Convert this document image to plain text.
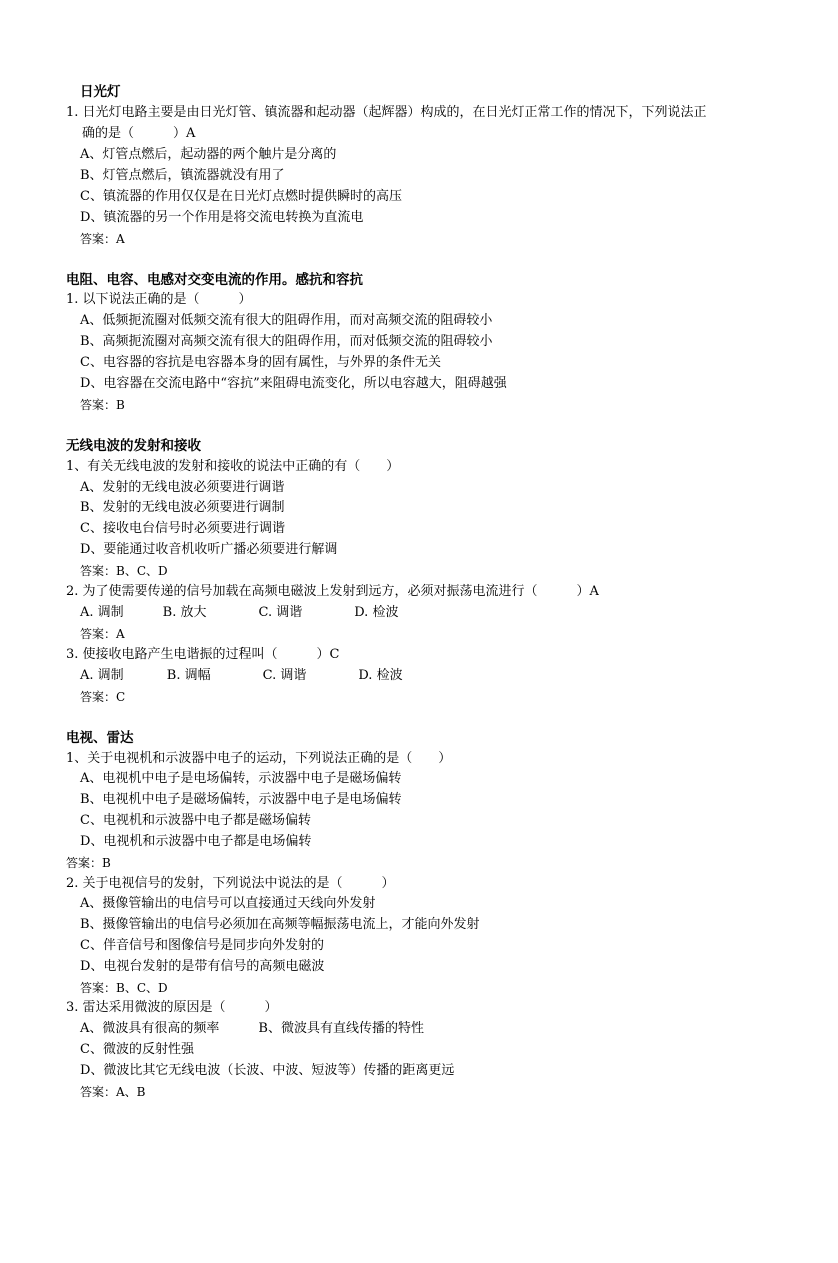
日光灯
1. 日光灯电路主要是由日光灯管、镇流器和起动器（起辉器）构成的，在日光灯正常工作的情况下，下列说法正
确的是（　　　）A
A、灯管点燃后，起动器的两个触片是分离的
B、灯管点燃后，镇流器就没有用了
C、镇流器的作用仅仅是在日光灯点燃时提供瞬时的高压
D、镇流器的另一个作用是将交流电转换为直流电
答案：A
电阻、电容、电感对交变电流的作用。感抗和容抗
1. 以下说法正确的是（　　　）
A、低频扼流圈对低频交流有很大的阻碍作用，而对高频交流的阻碍较小
B、高频扼流圈对高频交流有很大的阻碍作用，而对低频交流的阻碍较小
C、电容器的容抗是电容器本身的固有属性，与外界的条件无关
D、电容器在交流电路中“容抗”来阻碍电流变化，所以电容越大，阻碍越强
答案：B
无线电波的发射和接收
1、有关无线电波的发射和接收的说法中正确的有（　　）
A、发射的无线电波必须要进行调谐
B、发射的无线电波必须要进行调制
C、接收电台信号时必须要进行调谐
D、要能通过收音机收听广播必须要进行解调
答案：B、C、D
2. 为了使需要传递的信号加载在高频电磁波上发射到远方，必须对振荡电流进行（　　　）A
A. 调制　　　B. 放大　　　　C. 调谐　　　　D. 检波
答案：A
3. 使接收电路产生电谐振的过程叫（　　　）C
A. 调制　　　 B. 调幅　　　　C. 调谐　　　　D. 检波
答案：C
电视、雷达
1、关于电视机和示波器中电子的运动，下列说法正确的是（　　）
A、电视机中电子是电场偏转，示波器中电子是磁场偏转
B、电视机中电子是磁场偏转，示波器中电子是电场偏转
C、电视机和示波器中电子都是磁场偏转
D、电视机和示波器中电子都是电场偏转
答案：B
2. 关于电视信号的发射，下列说法中说法的是（　　　）
A、摄像管输出的电信号可以直接通过天线向外发射
B、摄像管输出的电信号必须加在高频等幅振荡电流上，才能向外发射
C、伴音信号和图像信号是同步向外发射的
D、电视台发射的是带有信号的高频电磁波
答案：B、C、D
3. 雷达采用微波的原因是（　　　）
A、微波具有很高的频率　　　B、微波具有直线传播的特性
C、微波的反射性强
D、微波比其它无线电波（长波、中波、短波等）传播的距离更远
答案：A、B
